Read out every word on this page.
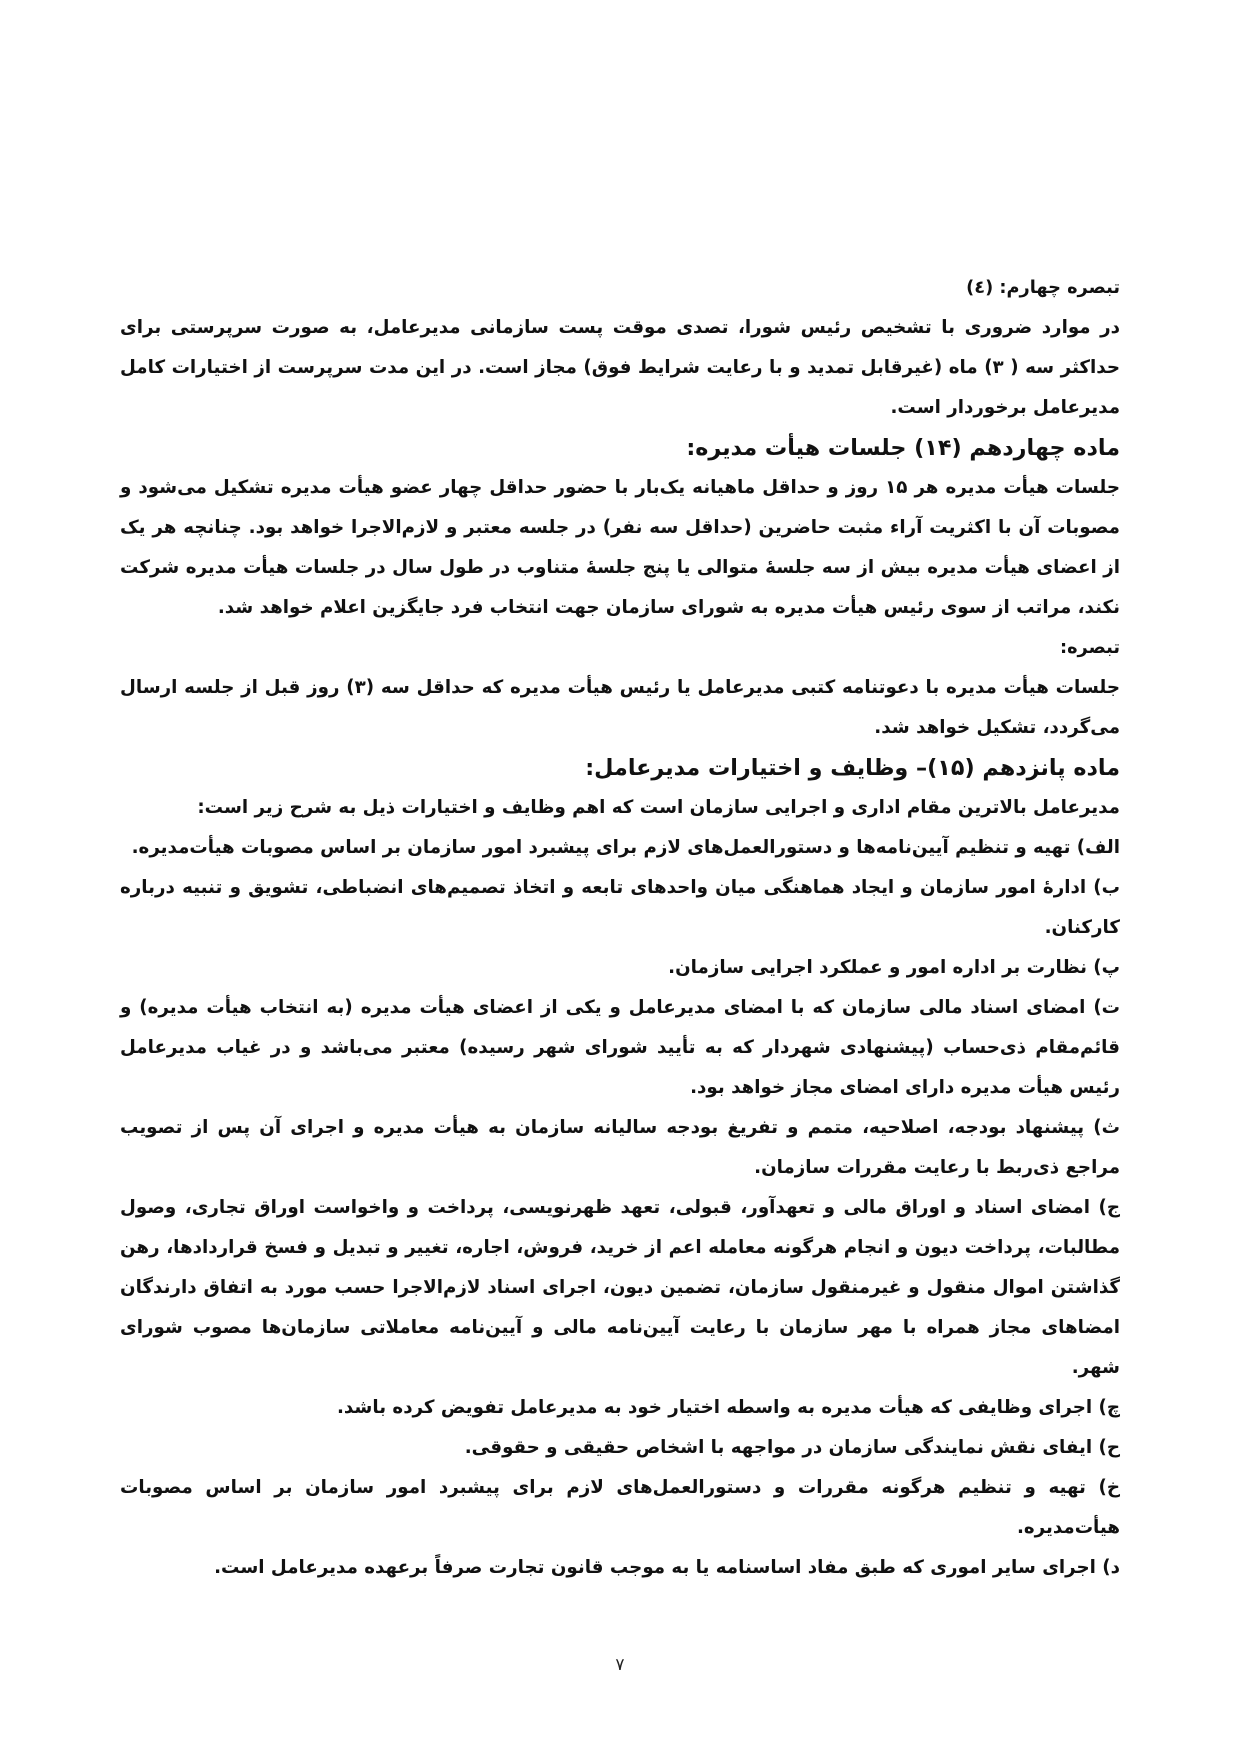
تبصره چهارم: (٤)

در موارد ضروری با تشخیص رئیس شورا، تصدی موقت پست سازمانی مدیرعامل، به صورت سرپرستی برای حداکثر سه ( ٣) ماه (غیرقابل تمدید و با رعایت شرایط فوق) مجاز است. در این مدت سرپرست از اختیارات کامل مدیرعامل برخوردار است.

ماده چهاردهم (١۴) جلسات هیأت مدیره:

جلسات هیأت مدیره هر ١۵ روز و حداقل ماهیانه یک‌بار با حضور حداقل چهار عضو هیأت مدیره تشکیل می‌شود و مصوبات آن با اکثریت آراء مثبت حاضرین (حداقل سه نفر) در جلسه معتبر و لازم‌الاجرا خواهد بود. چنانچه هر یک از اعضای هیأت مدیره بیش از سه جلسهٔ متوالی یا پنج جلسهٔ متناوب در طول سال در جلسات هیأت مدیره شرکت نکند، مراتب از سوی رئیس هیأت مدیره به شورای سازمان جهت انتخاب فرد جایگزین اعلام خواهد شد.

تبصره:

جلسات هیأت مدیره با دعوتنامه کتبی مدیرعامل یا رئیس هیأت مدیره که حداقل سه (٣) روز قبل از جلسه ارسال می‌گردد، تشکیل خواهد شد.

ماده پانزدهم (١۵)– وظایف و اختیارات مدیرعامل:

مدیرعامل بالاترین مقام اداری و اجرایی سازمان است که اهم وظایف و اختیارات ذیل به شرح زیر است:

الف) تهیه و تنظیم آیین‌نامه‌ها و دستورالعمل‌های لازم برای پیشبرد امور سازمان بر اساس مصوبات هیأت‌مدیره.

ب) ادارهٔ امور سازمان و ایجاد هماهنگی میان واحدهای تابعه و اتخاذ تصمیم‌های انضباطی، تشویق و تنبیه درباره کارکنان.

پ) نظارت بر اداره امور و عملکرد اجرایی سازمان.

ت) امضای اسناد مالی سازمان که با امضای مدیرعامل و یکی از اعضای هیأت مدیره (به انتخاب هیأت مدیره) و قائم‌مقام ذی‌حساب (پیشنهادی شهردار که به تأیید شورای شهر رسیده) معتبر می‌باشد و در غیاب مدیرعامل رئیس هیأت مدیره دارای امضای مجاز خواهد بود.

ث) پیشنهاد بودجه، اصلاحیه، متمم و تفریغ بودجه سالیانه سازمان به هیأت مدیره و اجرای آن پس از تصویب مراجع ذی‌ربط با رعایت مقررات سازمان.

ج) امضای اسناد و اوراق مالی و تعهدآور، قبولی، تعهد ظهرنویسی، پرداخت و واخواست اوراق تجاری، وصول مطالبات، پرداخت دیون و انجام هرگونه معامله اعم از خرید، فروش، اجاره، تغییر و تبدیل و فسخ قراردادها، رهن گذاشتن اموال منقول و غیرمنقول سازمان، تضمین دیون، اجرای اسناد لازم‌الاجرا حسب مورد به اتفاق دارندگان امضاهای مجاز همراه با مهر سازمان با رعایت آیین‌نامه مالی و آیین‌نامه معاملاتی سازمان‌ها مصوب شورای شهر.

چ) اجرای وظایفی که هیأت مدیره به واسطه اختیار خود به مدیرعامل تفویض کرده باشد.

ح) ایفای نقش نمایندگی سازمان در مواجهه با اشخاص حقیقی و حقوقی.

خ) تهیه و تنظیم هرگونه مقررات و دستورالعمل‌های لازم برای پیشبرد امور سازمان بر اساس مصوبات هیأت‌مدیره.

د) اجرای سایر اموری که طبق مفاد اساسنامه یا به موجب قانون تجارت صرفاً برعهده مدیرعامل است.

٧
